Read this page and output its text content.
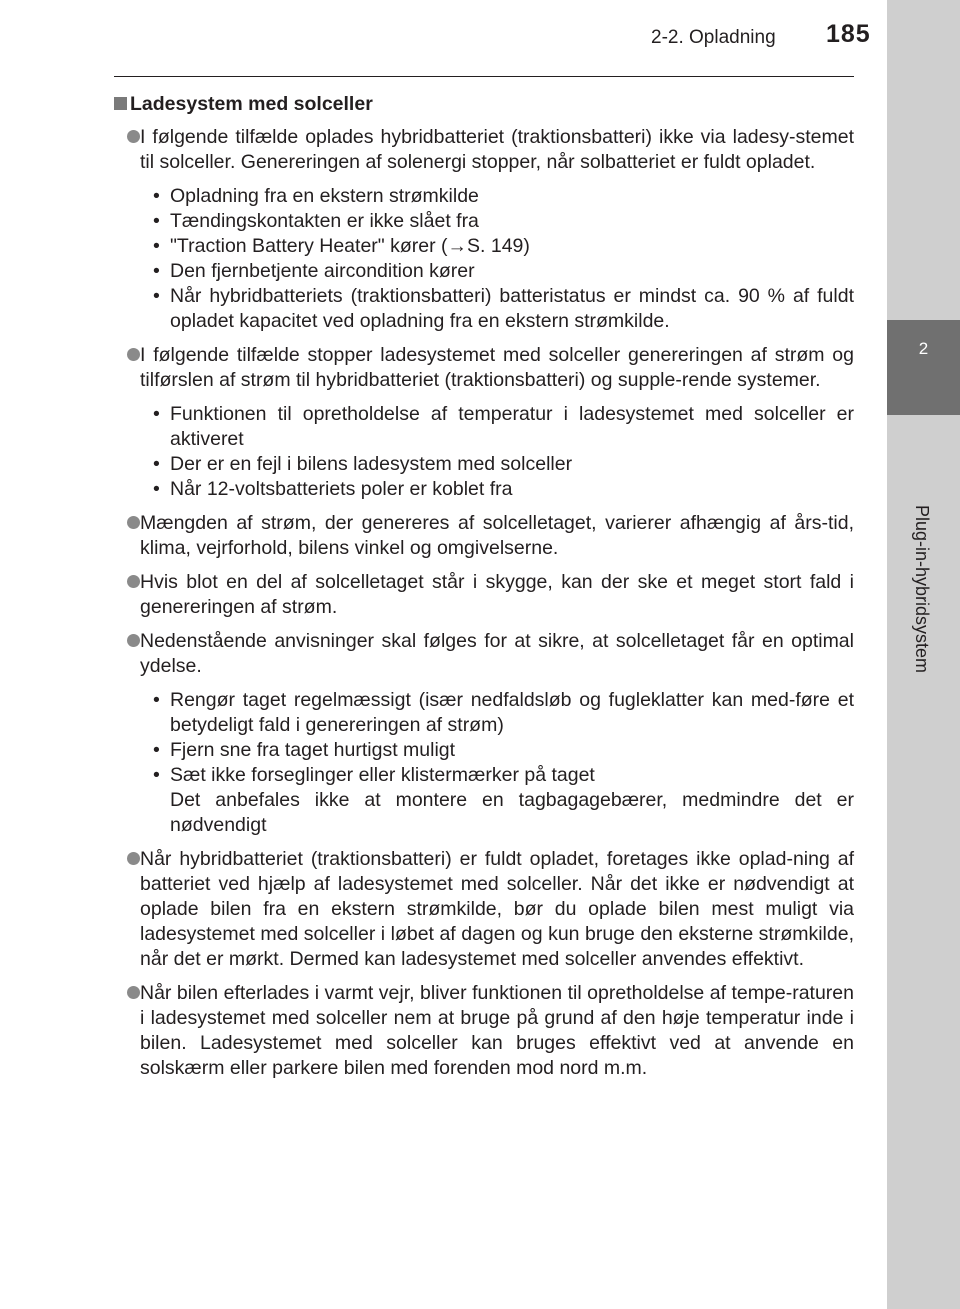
2
Plug-in-hybridsystem
2-2. Opladning 185
Ladesystem med solceller
I følgende tilfælde oplades hybridbatteriet (traktionsbatteri) ikke via ladesy-stemet til solceller. Genereringen af solenergi stopper, når solbatteriet er fuldt opladet.
• Opladning fra en ekstern strømkilde
• Tændingskontakten er ikke slået fra
• "Traction Battery Heater" kører (→S. 149)
• Den fjernbetjente aircondition kører
• Når hybridbatteriets (traktionsbatteri) batteristatus er mindst ca. 90 % af fuldt opladet kapacitet ved opladning fra en ekstern strømkilde.
I følgende tilfælde stopper ladesystemet med solceller genereringen af strøm og tilførslen af strøm til hybridbatteriet (traktionsbatteri) og supple-rende systemer.
• Funktionen til opretholdelse af temperatur i ladesystemet med solceller er aktiveret
• Der er en fejl i bilens ladesystem med solceller
• Når 12-voltsbatteriets poler er koblet fra
Mængden af strøm, der genereres af solcelletaget, varierer afhængig af års-tid, klima, vejrforhold, bilens vinkel og omgivelserne.
Hvis blot en del af solcelletaget står i skygge, kan der ske et meget stort fald i genereringen af strøm.
Nedenstående anvisninger skal følges for at sikre, at solcelletaget får en optimal ydelse.
• Rengør taget regelmæssigt (især nedfaldsløb og fugleklatter kan med-føre et betydeligt fald i genereringen af strøm)
• Fjern sne fra taget hurtigst muligt
• Sæt ikke forseglinger eller klistermærker på taget
Det anbefales ikke at montere en tagbagagebærer, medmindre det er nødvendigt
Når hybridbatteriet (traktionsbatteri) er fuldt opladet, foretages ikke oplad-ning af batteriet ved hjælp af ladesystemet med solceller. Når det ikke er nødvendigt at oplade bilen fra en ekstern strømkilde, bør du oplade bilen mest muligt via ladesystemet med solceller i løbet af dagen og kun bruge den eksterne strømkilde, når det er mørkt. Dermed kan ladesystemet med solceller anvendes effektivt.
Når bilen efterlades i varmt vejr, bliver funktionen til opretholdelse af tempe-raturen i ladesystemet med solceller nem at bruge på grund af den høje temperatur inde i bilen. Ladesystemet med solceller kan bruges effektivt ved at anvende en solskærm eller parkere bilen med forenden mod nord m.m.
